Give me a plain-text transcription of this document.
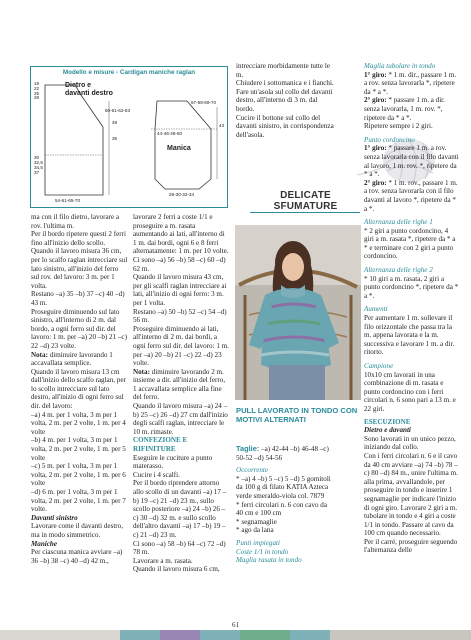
Modello e misure - Cardigan maniche raglan
19
22
25
28
Dietro e davanti destro
60-61-62-63
49
35
30
32,5
34,5
37
54-61-65-70
67-68-69-70
43
44-46-48-50
Manica
28-30-32-34

ma con il filo dietro, lavorare a rov. l'ultima m.

Per il bordo ripetere questi 2 ferri fino all'inizio dello scollo.

Quando il lavoro misura 36 cm, per lo scalfo raglan intrecciare sul lato sinistro, all'inizio del ferro sul rov. del lavoro: 3 m. per 1 volta.

Restano –a) 35 –b) 37 –c) 40 –d) 43 m.

Proseguire diminuendo sul lato sinistro, all'interno di 2 m. dal bordo, a ogni ferro sul dir. del lavoro: 1 m. per –a) 20 –b) 21 –c) 22 –d) 23 volte.

Nota: diminuire lavorando 1 accavallata semplice.

Quando il lavoro misura 13 cm dall'inizio dello scalfo raglan, per lo scollo intrecciare sul lato destro, all'inizio di ogni ferro sul dir. del lavoro:

–a) 4 m. per 1 volta, 3 m per 1 volta, 2 m. per 2 volte, 1 m. per 4 volte

–b) 4 m. per 1 volta, 3 m per 1 volta, 2 m. per 2 volte, 1 m. per 5 volte

–c) 5 m. per 1 volta, 3 m per 1 volta, 2 m. per 2 volte, 1 m. per 6 volte

–d) 6 m. per 1 volta, 3 m per 1 volta, 2 m. per 2 volte, 1 m. per 7 volte.

Davanti sinistro

Lavorare come il davanti destro, ma in modo simmetrico.

Maniche

Per ciascuna manica avviare –a) 36 –b) 38 –c) 40 –d) 42 m.,

lavorare 2 ferri a coste 1/1 e proseguire a m. rasata aumentando ai lati, all'interno di 1 m. dai bordi, ogni 6 e 8 ferri alternatamente: 1 m. per 10 volte.

Ci sono –a) 56 –b) 58 –c) 60 –d) 62 m.

Quando il lavoro misura 43 cm, per gli scalfi raglan intrecciare ai lati, all'inizio di ogni ferro: 3 m. per 1 volta.

Restano –a) 50 –b) 52 –c) 54 –d) 56 m.

Proseguire diminuendo ai lati, all'interno di 2 m. dai bordi, a ogni ferro sul dir. del lavoro: 1 m. per –a) 20 –b) 21 –c) 22 –d) 23 volte.

Nota: diminuire lavorando 2 m. insieme a dir. all'inizio del ferro, 1 accavallata semplice alla fine del ferro.

Quando il lavoro misura –a) 24 –b) 25 –c) 26 –d) 27 cm dall'inizio degli scalfi raglan, intrecciare le 10 m. rimaste.

CONFEZIONE E RIFINITURE

Eseguire le cuciture a punto materasso.

Cucire i 4 scalfi.

Per il bordo riprendere attorno allo scollo di un davanti –a) 17 –b) 19 –c) 21 –d) 23 m., sullo scollo posteriore –a) 24 –b) 26 –c) 30 –d) 32 m. e sullo scollo dell'altro davanti –a) 17 –b) 19 –c) 21 –d) 23 m.

Ci sono –a) 58 –b) 64 –c) 72 –d) 78 m.

Lavorare a m. rasata.

Quando il lavoro misura 6 cm,

intrecciare morbidamente tutte le m.

Chiudere i sottomanica e i fianchi.

Fare un'asola sul collo del davanti destro, all'interno di 3 m. dal bordo.

Cucire il bottone sul collo del davanti sinistro, in corrispondenza dell'asola.

DELICATE SFUMATURE
PULL LAVORATO IN TONDO CON MOTIVI ALTERNATI

Taglie: –a) 42-44 –b) 46-48 –c) 50-52 –d) 54-56

Occorrente

* –a) 4 –b) 5 –c) 5 –d) 5 gomitoli da 100 g di filato KATIA Azteca verde smeraldo-viola col. 7879

* ferri circolari n. 6 con cavo da 40 cm e 100 cm

* segnamaglie

* ago da lana

Punti impiegati

Coste 1/1 in tondo

Maglia rasata in tondo

Maglia tubolare in tondo

1° giro: * 1 m. dir., passare 1 m. a rov. senza lavorarla *, ripetere da * a *.

2° giro: * passare 1 m. a dir. senza lavorarla, 1 m. rov. *, ripetere da * a *.

Ripetere sempre i 2 giri.

Punto cordoncino

1° giro: * passare 1 m. a rov. senza lavorarla con il filo davanti al lavoro, 1 m. rov. *, ripetere da * a *.

2° giro: * 1 m. rov., passare 1 m. a rov. senza lavorarla con il filo davanti al lavoro *, ripetere da * a *.

Alternanza delle righe 1

* 2 giri a punto cordoncino, 4 giri a m. rasata *, ripetere da * a * e terminare con 2 giri a punto cordoncino.

Alternanza delle righe 2

* 10 giri a m. rasata, 2 giri a punto cordoncino *, ripetere da * a *.

Aumenti

Per aumentare 1 m. sollevare il filo orizzontale che passa tra la m. appena lavorata e la m. successiva e lavorare 1 m. a dir. ritorto.

Campione

10x10 cm lavorati in una combinazione di m. rasata e punto cordoncino con i ferri circolari n. 6 sono pari a 13 m. e 22 giri.

ESECUZIONE

Dietro e davanti

Sono lavorati in un unico pezzo, iniziando dal collo.

Con i ferri circolari n. 6 e il cavo da 40 cm avviare –a) 74 –b) 78 –c) 80 –d) 84 m., unire l'ultima m. alla prima, avvallandole, per proseguire in tondo e inserire 1 segnamaglie per indicare l'inizio di ogni giro. Lavorare 2 giri a m. tubolare in tondo e 4 giri a coste 1/1 in tondo. Passare al cavo da 100 cm quando necessario.

Per il carré, proseguire seguendo l'alternanza delle

61
